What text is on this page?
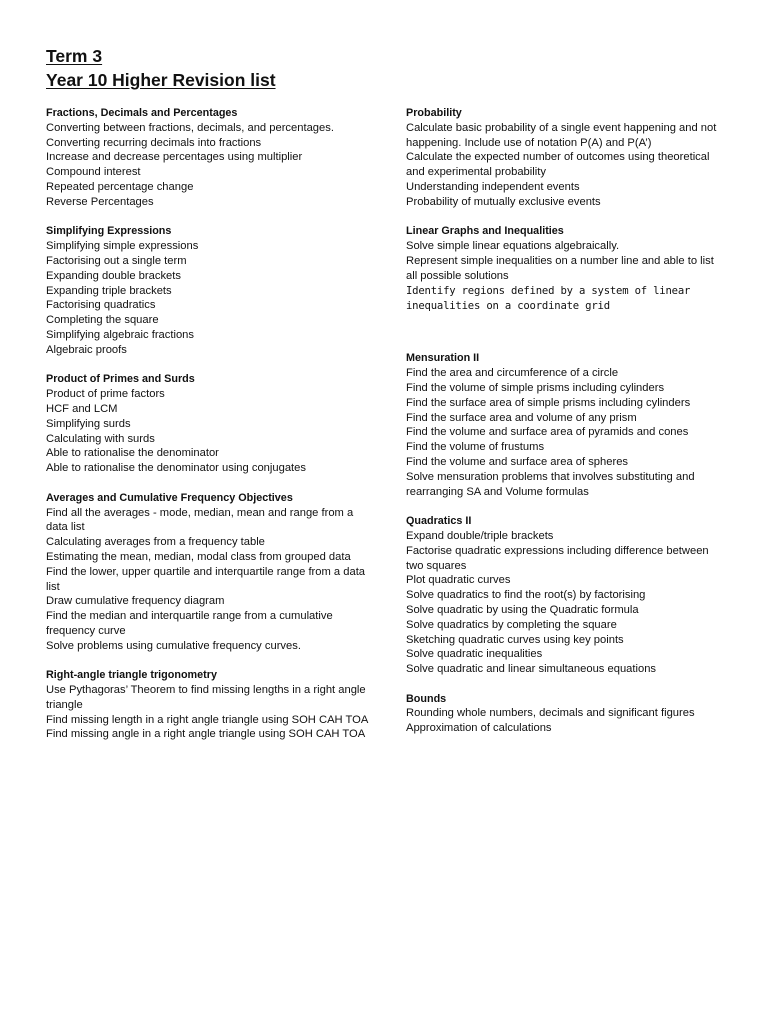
Term 3
Year 10 Higher Revision list

Fractions, Decimals and Percentages

Converting between fractions, decimals, and percentages.

Converting recurring decimals into fractions

Increase and decrease percentages using multiplier

Compound interest

Repeated percentage change

Reverse Percentages

Simplifying Expressions

Simplifying simple expressions

Factorising out a single term

Expanding double brackets

Expanding triple brackets

Factorising quadratics

Completing the square

Simplifying algebraic fractions

Algebraic proofs

Product of Primes and Surds

Product of prime factors

HCF and LCM

Simplifying surds

Calculating with surds

Able to rationalise the denominator

Able to rationalise the denominator using conjugates

Averages and Cumulative Frequency Objectives

Find all the averages - mode, median, mean and range from a data list

Calculating averages from a frequency table

Estimating the mean, median, modal class from grouped data

Find the lower, upper quartile and interquartile range from a data list

Draw cumulative frequency diagram

Find the median and interquartile range from a cumulative frequency curve

Solve problems using cumulative frequency curves.

Right-angle triangle trigonometry

Use Pythagoras’ Theorem to find missing lengths in a right angle triangle

Find missing length in a right angle triangle using SOH CAH TOA

Find missing angle in a right angle triangle using SOH CAH TOA

Probability

Calculate basic probability of a single event happening and not happening. Include use of notation P(A) and P(A’)

Calculate the expected number of outcomes using theoretical and experimental probability

Understanding independent events

Probability of mutually exclusive events

Linear Graphs and Inequalities

Solve simple linear equations algebraically.

Represent simple inequalities on a number line and able to list all possible solutions

Identify regions defined by a system of linear inequalities on a coordinate grid

Mensuration II

Find the area and circumference of a circle

Find the volume of simple prisms including cylinders

Find the surface area of simple prisms including cylinders

Find the surface area and volume of any prism

Find the volume and surface area of pyramids and cones

Find the volume of frustums

Find the volume and surface area of spheres

Solve mensuration problems that involves substituting and rearranging SA and Volume formulas

Quadratics II

Expand double/triple brackets

Factorise quadratic expressions including difference between two squares

Plot quadratic curves

Solve quadratics to find the root(s) by factorising

Solve quadratic by using the Quadratic formula

Solve quadratics by completing the square

Sketching quadratic curves using key points

Solve quadratic inequalities

Solve quadratic and linear simultaneous equations

Bounds

Rounding whole numbers, decimals and significant figures

Approximation of calculations
